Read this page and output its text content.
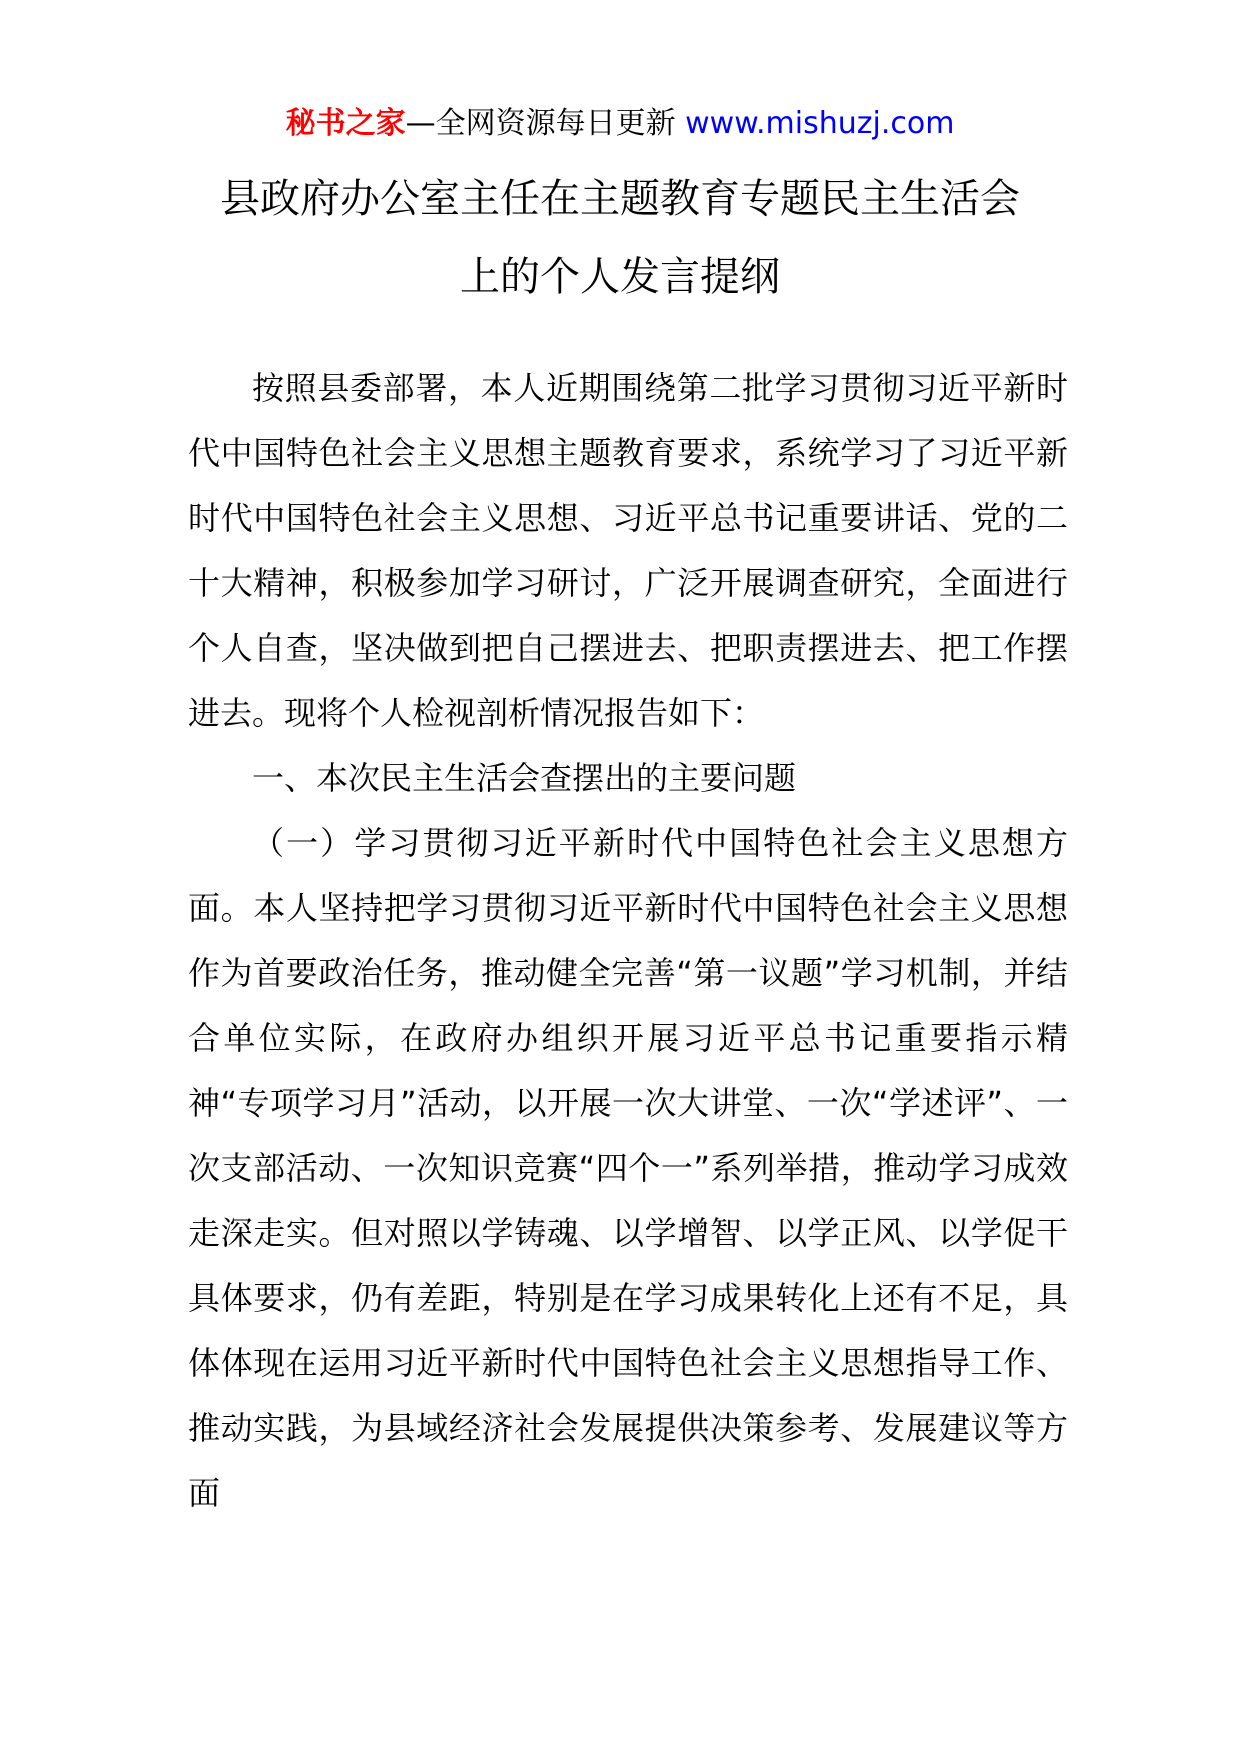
秘书之家—全网资源每日更新 www.mishuzj.com
县政府办公室主任在主题教育专题民主生活会
上的个人发言提纲

按照县委部署，本人近期围绕第二批学习贯彻习近平新时代中国特色社会主义思想主题教育要求，系统学习了习近平新时代中国特色社会主义思想、习近平总书记重要讲话、党的二十大精神，积极参加学习研讨，广泛开展调查研究，全面进行个人自查，坚决做到把自己摆进去、把职责摆进去、把工作摆进去。现将个人检视剖析情况报告如下：

一、本次民主生活会查摆出的主要问题

（一）学习贯彻习近平新时代中国特色社会主义思想方面。本人坚持把学习贯彻习近平新时代中国特色社会主义思想作为首要政治任务，推动健全完善“第一议题”学习机制，并结合单位实际，在政府办组织开展习近平总书记重要指示精神“专项学习月”活动，以开展一次大讲堂、一次“学述评”、一次支部活动、一次知识竞赛“四个一”系列举措，推动学习成效走深走实。但对照以学铸魂、以学增智、以学正风、以学促干具体要求，仍有差距，特别是在学习成果转化上还有不足，具体体现在运用习近平新时代中国特色社会主义思想指导工作、推动实践，为县域经济社会发展提供决策参考、发展建议等方面
